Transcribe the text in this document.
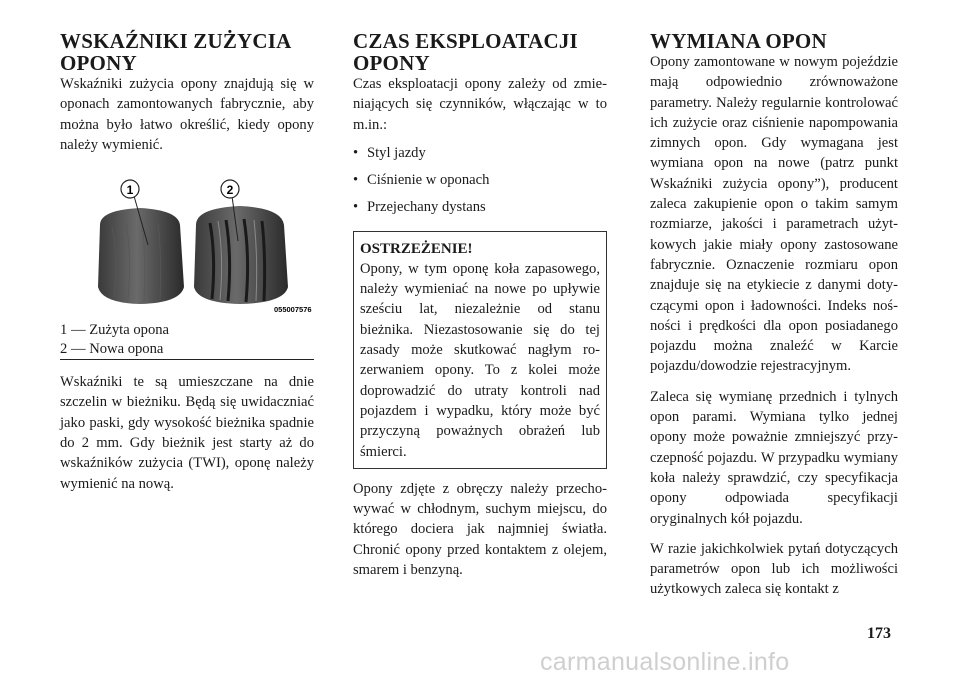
WSKAŹNIKI ZUŻYCIA OPONY

Wskaźniki zużycia opony znajdują się w oponach zamontowanych fabrycznie, aby można było łatwo określić, kiedy opony należy wymienić.

1	2
055007576
1 — Zużyta opona
2 — Nowa opona

Wskaźniki te są umieszczane na dnie szczelin w bieżniku. Będą się uwidaczniać jako paski, gdy wysokość bieżnika spadnie do 2 mm. Gdy bieżnik jest starty aż do wskaźników zużycia (TWI), oponę należy wymienić na nową.

CZAS EKSPLOATACJI OPONY

Czas eksploatacji opony zależy od zmieniających się czynników, włączając w to m.in.:

• Styl jazdy
• Ciśnienie w oponach
• Przejechany dystans
OSTRZEŻENIE!

Opony, w tym oponę koła zapasowego, należy wymieniać na nowe po upływie sześciu lat, niezależnie od stanu bieżnika. Niezastosowanie się do tej zasady może skutkować nagłym rozerwaniem opony. To z kolei może doprowadzić do utraty kontroli nad pojazdem i wypadku, który może być przyczyną poważnych obrażeń lub śmierci.

Opony zdjęte z obręczy należy przechowywać w chłodnym, suchym miejscu, do którego dociera jak najmniej światła. Chronić opony przed kontaktem z olejem, smarem i benzyną.

WYMIANA OPON

Opony zamontowane w nowym pojeździe mają odpowiednio zrównoważone parametry. Należy regularnie kontrolować ich zużycie oraz ciśnienie napompowania zimnych opon. Gdy wymagana jest wymiana opon na nowe (patrz punkt Wskaźniki zużycia opony”), producent zaleca zakupienie opon o takim samym rozmiarze, jakości i parametrach użytkowych jakie miały opony zastosowane fabrycznie. Oznaczenie rozmiaru opon znajduje się na etykiecie z danymi dotyczącymi opon i ładowności. Indeks nośności i prędkości dla opon posiadanego pojazdu można znaleźć w Karcie pojazdu/dowodzie rejestracyjnym.

Zaleca się wymianę przednich i tylnych opon parami. Wymiana tylko jednej opony może poważnie zmniejszyć przyczepność pojazdu. W przypadku wymiany koła należy sprawdzić, czy specyfikacja opony odpowiada specyfikacji oryginalnych kół pojazdu.

W razie jakichkolwiek pytań dotyczących parametrów opon lub ich możliwości użytkowych zaleca się kontakt z

173
carmanualsonline.info
